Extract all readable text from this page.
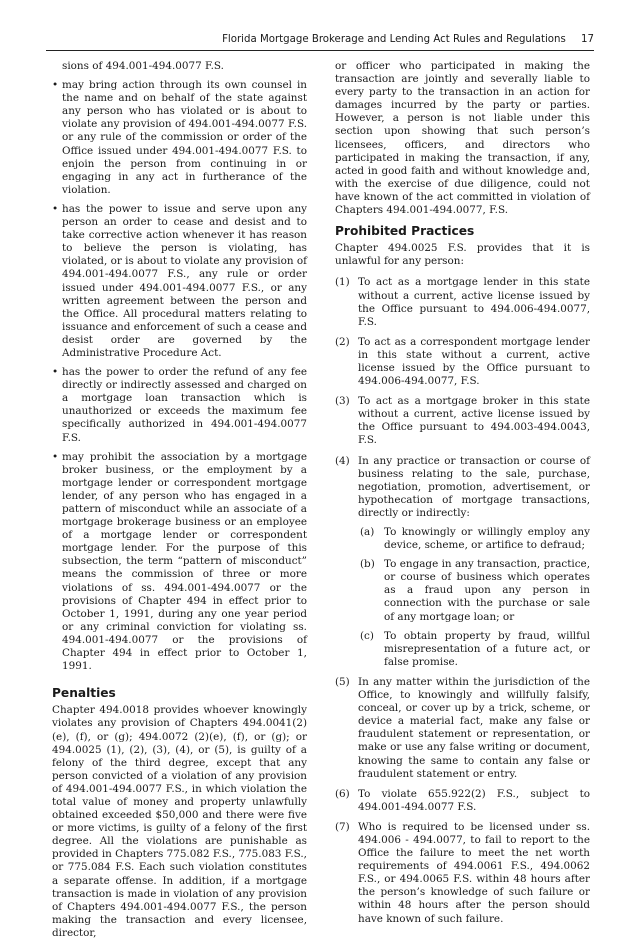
Florida Mortgage Brokerage and Lending Act Rules and Regulations 17

sions of 494.001-494.0077 F.S.

• may bring action through its own counsel in the name and on behalf of the state against any person who has violated or is about to violate any provision of 494.001-494.0077 F.S. or any rule of the commission or order of the Office issued under 494.001-494.0077 F.S. to enjoin the person from continuing in or engaging in any act in furtherance of the violation.

• has the power to issue and serve upon any person an order to cease and desist and to take corrective action whenever it has reason to believe the person is violating, has violated, or is about to violate any provision of 494.001-494.0077 F.S., any rule or order issued under 494.001-494.0077 F.S., or any written agreement between the person and the Office. All procedural matters relating to issuance and enforcement of such a cease and desist order are governed by the Administrative Procedure Act.

• has the power to order the refund of any fee directly or indirectly assessed and charged on a mortgage loan transaction which is unauthorized or exceeds the maximum fee specifically authorized in 494.001-494.0077 F.S.

• may prohibit the association by a mortgage broker business, or the employment by a mortgage lender or correspondent mortgage lender, of any person who has engaged in a pattern of misconduct while an associate of a mortgage brokerage business or an employee of a mortgage lender or correspondent mortgage lender. For the purpose of this subsection, the term “pattern of misconduct” means the commission of three or more violations of ss. 494.001-494.0077 or the provisions of Chapter 494 in effect prior to October 1, 1991, during any one year period or any criminal conviction for violating ss. 494.001-494.0077 or the provisions of Chapter 494 in effect prior to October 1, 1991.

Penalties

Chapter 494.0018 provides whoever knowingly violates any provision of Chapters 494.0041(2)(e), (f), or (g); 494.0072 (2)(e), (f), or (g); or 494.0025 (1), (2), (3), (4), or (5), is guilty of a felony of the third degree, except that any person convicted of a violation of any provision of 494.001-494.0077 F.S., in which violation the total value of money and property unlawfully obtained exceeded $50,000 and there were five or more victims, is guilty of a felony of the first degree. All the violations are punishable as provided in Chapters 775.082 F.S., 775.083 F.S., or 775.084 F.S. Each such violation constitutes a separate offense. In addition, if a mortgage transaction is made in violation of any provision of Chapters 494.001-494.0077 F.S., the person making the transaction and every licensee, director,

or officer who participated in making the transaction are jointly and severally liable to every party to the transaction in an action for damages incurred by the party or parties. However, a person is not liable under this section upon showing that such person’s licensees, officers, and directors who participated in making the transaction, if any, acted in good faith and without knowledge and, with the exercise of due diligence, could not have known of the act committed in violation of Chapters 494.001-494.0077, F.S.

Prohibited Practices

Chapter 494.0025 F.S. provides that it is unlawful for any person:

(1) To act as a mortgage lender in this state without a current, active license issued by the Office pursuant to 494.006-494.0077, F.S.
(2) To act as a correspondent mortgage lender in this state without a current, active license issued by the Office pursuant to 494.006-494.0077, F.S.
(3) To act as a mortgage broker in this state without a current, active license issued by the Office pursuant to 494.003-494.0043, F.S.
(4) In any practice or transaction or course of business relating to the sale, purchase, negotiation, promotion, advertisement, or hypothecation of mortgage transactions, directly or indirectly:
(a) To knowingly or willingly employ any device, scheme, or artifice to defraud;
(b) To engage in any transaction, practice, or course of business which operates as a fraud upon any person in connection with the purchase or sale of any mortgage loan; or
(c) To obtain property by fraud, willful misrepresentation of a future act, or false promise.
(5) In any matter within the jurisdiction of the Office, to knowingly and willfully falsify, conceal, or cover up by a trick, scheme, or device a material fact, make any false or fraudulent statement or representation, or make or use any false writing or document, knowing the same to contain any false or fraudulent statement or entry.
(6) To violate 655.922(2) F.S., subject to 494.001-494.0077 F.S.
(7) Who is required to be licensed under ss. 494.006 - 494.0077, to fail to report to the Office the failure to meet the net worth requirements of 494.0061 F.S., 494.0062 F.S., or 494.0065 F.S. within 48 hours after the person’s knowledge of such failure or within 48 hours after the person should have known of such failure.
